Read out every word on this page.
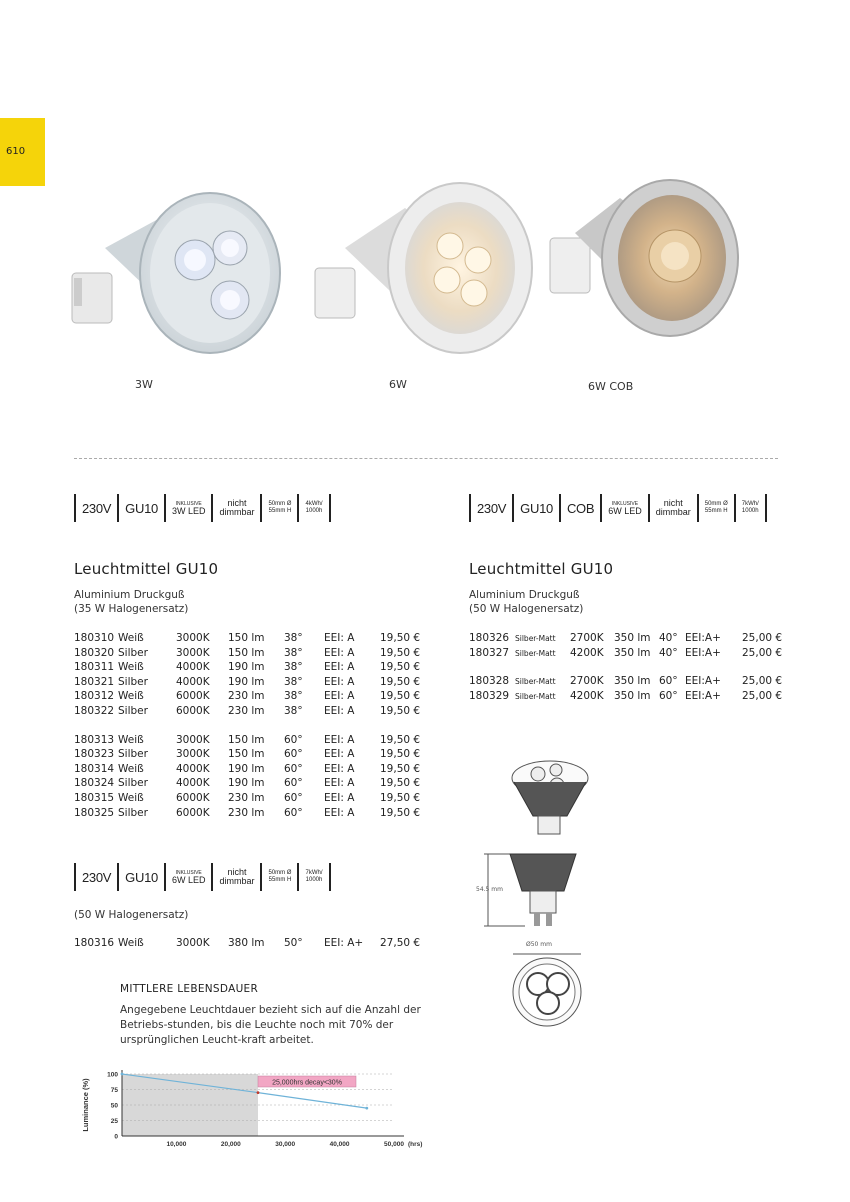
610
3W	6W	6W COB
230V GU10	INKLUSIVE
3W LED
nicht
dimmbar
50mm Ø
55mm H
4kWh/
1000h	230V GU10 COB	INKLUSIVE
6W LED
nicht
dimmbar
50mm Ø
55mm H
7kWh/
1000h
Leuchtmittel GU10
Aluminium Druckguß
(35 W Halogenersatz)
180310 Weiß	3000K 150 lm 38° EEI: A 19,50 €
180320 Silber	3000K 150 lm 38° EEI: A 19,50 €
180311 Weiß	4000K 190 lm 38° EEI: A 19,50 €
180321 Silber	4000K 190 lm 38° EEI: A 19,50 €
180312 Weiß	6000K 230 lm 38° EEI: A 19,50 €
180322 Silber	6000K 230 lm 38° EEI: A 19,50 €
180313 Weiß	3000K 150 lm 60° EEI: A 19,50 €
180323 Silber	3000K 150 lm 60° EEI: A 19,50 €
180314 Weiß	4000K 190 lm 60° EEI: A 19,50 €
180324 Silber	4000K 190 lm 60° EEI: A 19,50 €
180315 Weiß	6000K 230 lm 60° EEI: A 19,50 €
180325 Silber	6000K 230 lm 60° EEI: A 19,50 €
Leuchtmittel GU10
Aluminium Druckguß
(50 W Halogenersatz)
180326 Silber-Matt 2700K 350 lm 40° EEI:A+ 25,00 €
180327 Silber-Matt 4200K 350 lm 40° EEI:A+ 25,00 €
180328 Silber-Matt 2700K 350 lm 60° EEI:A+ 25,00 €
180329 Silber-Matt 4200K 350 lm 60° EEI:A+ 25,00 €
230V GU10	INKLUSIVE
6W LED
nicht
dimmbar
50mm Ø
55mm H
7kWh/
1000h
(50 W Halogenersatz)
180316 Weiß	3000K 380 lm 50° EEI: A+ 27,50 €
MITTLERE LEBENSDAUER
Angegebene Leuchtdauer bezieht sich auf die Anzahl der Betriebs-stunden, bis die Leuchte noch mit 70% der ursprünglichen Leucht-kraft arbeitet.
54.5 mm
Ø50 mm
0
25
50
75
100
10,000	20,000	30,000	40,000	50,000 (hrs)
Luminance (%)	25,000hrs decay<30%
